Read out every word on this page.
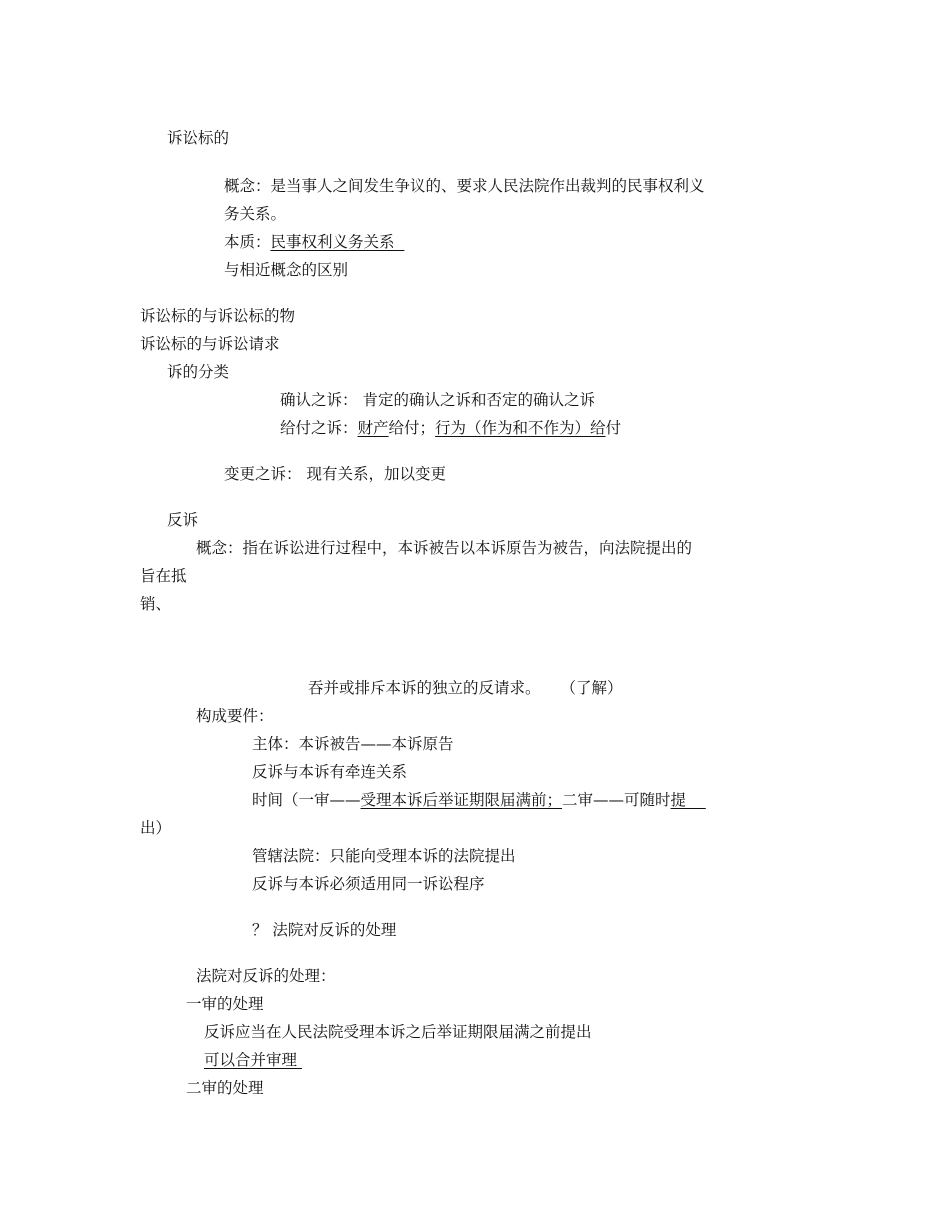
诉讼标的
概念：是当事人之间发生争议的、要求人民法院作出裁判的民事权利义
务关系。
本质：民事权利义务关系
与相近概念的区别
诉讼标的与诉讼标的物
诉讼标的与诉讼请求
诉的分类
确认之诉： 肯定的确认之诉和否定的确认之诉
给付之诉：财产给付；行为（作为和不作为）给付
变更之诉： 现有关系，加以变更
反诉
概念：指在诉讼进行过程中，本诉被告以本诉原告为被告，向法院提出的
旨在抵
销、
吞并或排斥本诉的独立的反请求。 （了解）
构成要件：
主体：本诉被告——本诉原告
反诉与本诉有牵连关系
时间（一审——受理本诉后举证期限届满前；二审——可随时提
出）
管辖法院：只能向受理本诉的法院提出
反诉与本诉必须适用同一诉讼程序
？ 法院对反诉的处理
法院对反诉的处理：
一审的处理
反诉应当在人民法院受理本诉之后举证期限届满之前提出
可以合并审理
二审的处理
